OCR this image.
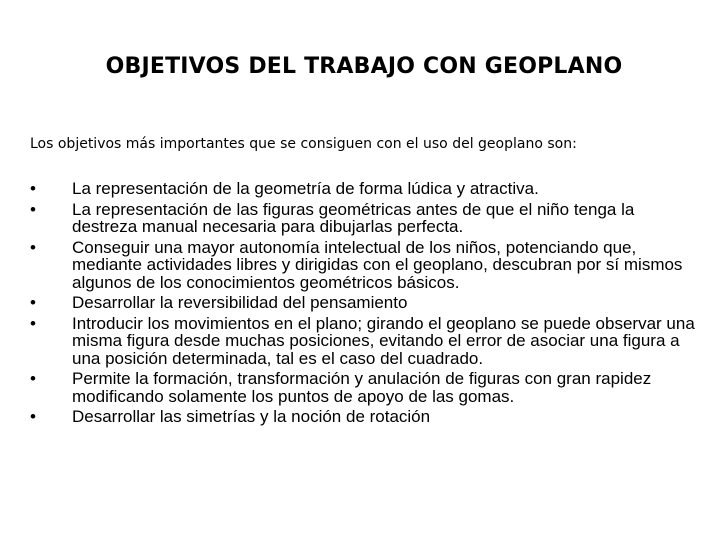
OBJETIVOS DEL TRABAJO CON GEOPLANO
Los objetivos más importantes que se consiguen con el uso del geoplano son:
•	La representación de la geometría de forma lúdica y atractiva.
•	La representación de las figuras geométricas antes de que el niño tenga la destreza manual necesaria para dibujarlas perfecta.
•	Conseguir una mayor autonomía intelectual de los niños, potenciando que, mediante actividades libres y dirigidas con el geoplano, descubran por sí mismos algunos de los conocimientos geométricos básicos.
•	Desarrollar la reversibilidad del pensamiento
•	Introducir los movimientos en el plano; girando el geoplano se puede observar una misma figura desde muchas posiciones, evitando el error de asociar una figura a una posición determinada, tal es el caso del cuadrado.
•	Permite la formación, transformación y anulación de figuras con gran rapidez modificando solamente los puntos de apoyo de las gomas.
•	Desarrollar las simetrías y la noción de rotación
